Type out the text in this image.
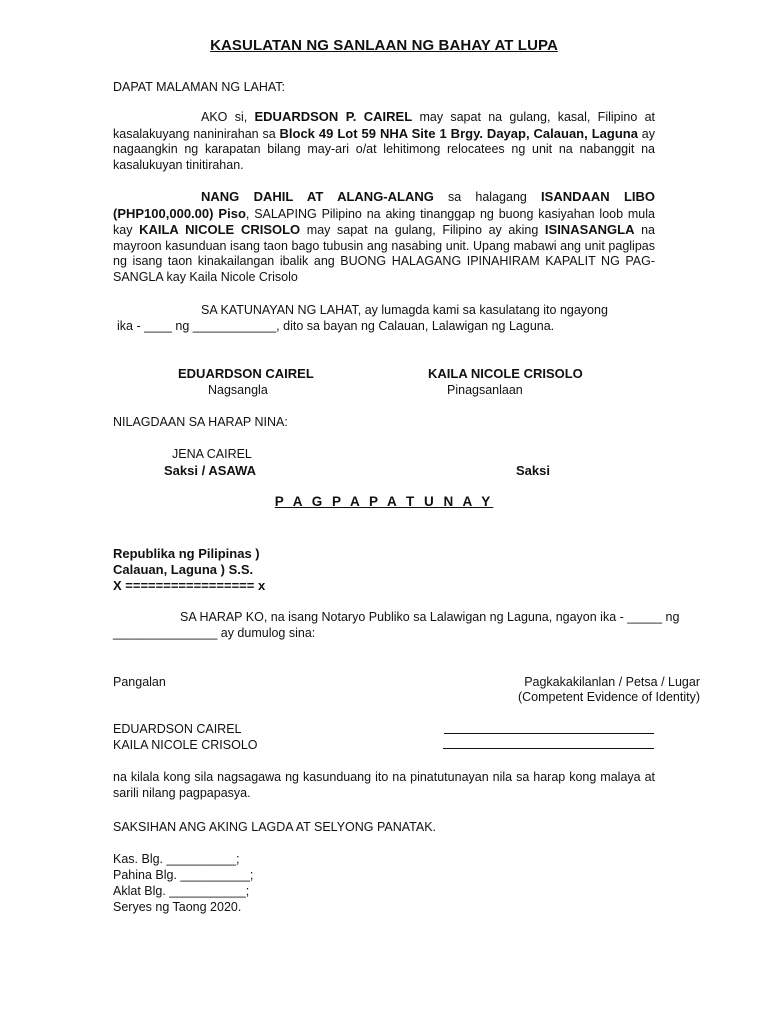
KASULATAN NG SANLAAN NG BAHAY AT LUPA
DAPAT MALAMAN NG LAHAT:
AKO si, EDUARDSON P. CAIREL may sapat na gulang, kasal, Filipino at kasalakuyang naninirahan sa Block 49 Lot 59 NHA Site 1 Brgy. Dayap, Calauan, Laguna ay nagaangkin ng karapatan bilang may-ari o/at lehitimong relocatees ng unit na nabanggit na kasalukuyan tinitirahan.
NANG DAHIL AT ALANG-ALANG sa halagang ISANDAAN LIBO (PHP100,000.00) Piso, SALAPING Pilipino na aking tinanggap ng buong kasiyahan loob mula kay KAILA NICOLE CRISOLO may sapat na gulang, Filipino ay aking ISINASANGLA na mayroon kasunduan isang taon bago tubusin ang nasabing unit. Upang mabawi ang unit paglipas ng isang taon kinakailangan ibalik ang BUONG HALAGANG IPINAHIRAM KAPALIT NG PAG-SANGLA kay Kaila Nicole Crisolo
SA KATUNAYAN NG LAHAT, ay lumagda kami sa kasulatang ito ngayong
ika - ____ ng ____________, dito sa bayan ng Calauan, Lalawigan ng Laguna.
EDUARDSON CAIREL
Nagsangla
KAILA NICOLE CRISOLO
Pinagsanlaan
NILAGDAAN SA HARAP NINA:
JENA CAIREL
Saksi / ASAWA	Saksi
P A G P A P A T U N A Y
Republika ng Pilipinas )
Calauan, Laguna ) S.S.
X ================= x
SA HARAP KO, na isang Notaryo Publiko sa Lalawigan ng Laguna, ngayon ika - _____ ng
_______________ ay dumulog sina:
Pangalan	Pagkakakilanlan / Petsa / Lugar
(Competent Evidence of Identity)
EDUARDSON CAIREL
KAILA NICOLE CRISOLO
na kilala kong sila nagsagawa ng kasunduang ito na pinatutunayan nila sa harap kong malaya at sarili nilang pagpapasya.
SAKSIHAN ANG AKING LAGDA AT SELYONG PANATAK.
Kas. Blg. __________;
Pahina Blg. __________;
Aklat Blg. ___________;
Seryes ng Taong 2020.
